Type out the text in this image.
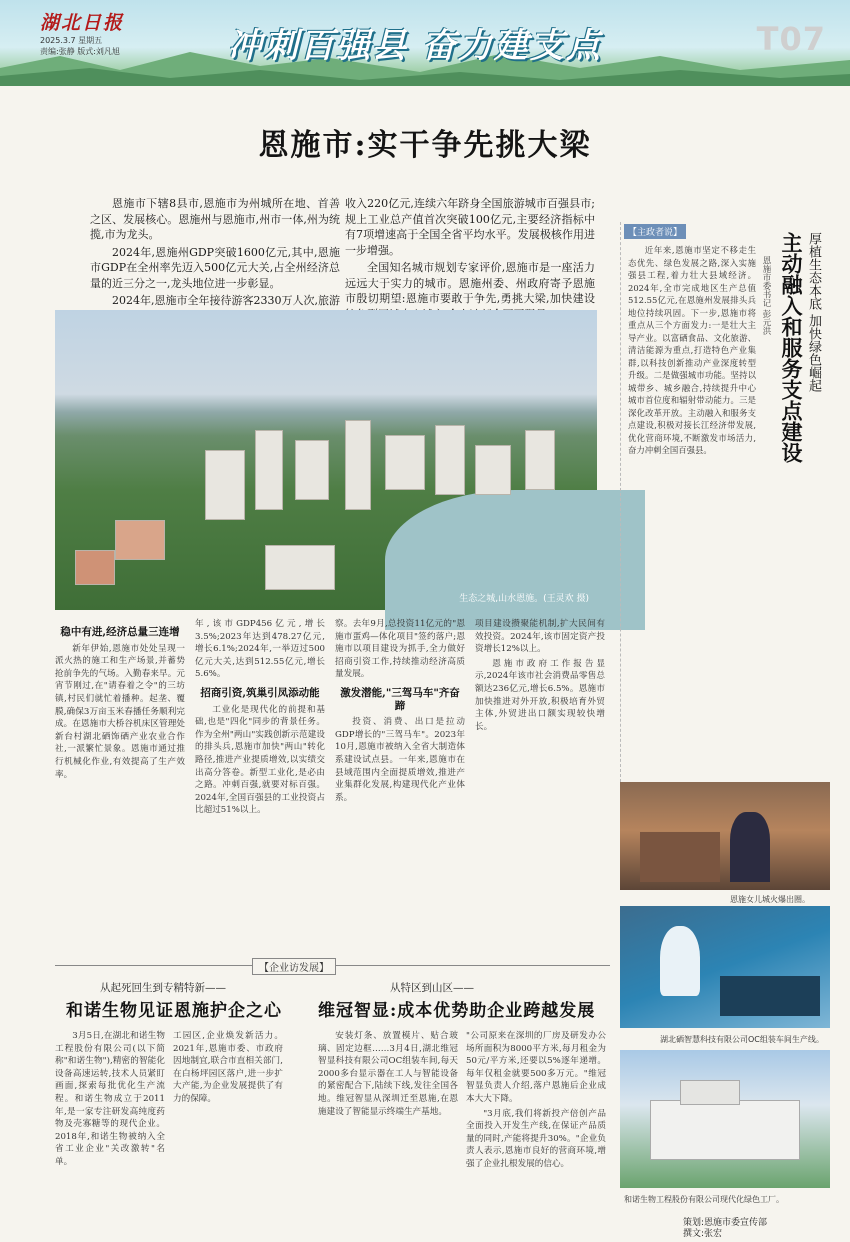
湖北日报
2025.3.7 星期五
责编:张静 版式:刘凡旭	冲刺百强县 奋力建支点	T07
恩施市:实干争先挑大梁

恩施市下辖8县市,恩施市为州城所在地、首善之区、发展核心。恩施州与恩施市,州市一体,州为统揽,市为龙头。

2024年,恩施州GDP突破1600亿元,其中,恩施市GDP在全州率先迈入500亿元大关,占全州经济总量的近三分之一,龙头地位进一步彰显。

2024年,恩施市全年接待游客2330万人次,旅游

收入220亿元,连续六年跻身全国旅游城市百强县市;规上工业总产值首次突破100亿元,主要经济指标中有7项增速高于全国全省平均水平。发展极核作用进一步增强。

全国知名城市规划专家评价,恩施市是一座活力远远大于实力的城市。恩施州委、州政府寄予恩施市殷切期望:恩施市要敢于争先,勇挑大梁,加快建设

生态之城,山水恩施。(王灵欢 摄)
稳中有进,经济总量三连增

新年伊始,恩施市处处呈现一派火热的施工和生产场景,并蓄势抢前争先的气场。入勤春来早。元宵节刚过,在"请春着之令"的三坊镇,村民们就忙着播种。起垄、覆膜,确保3万亩玉米春播任务顺利完成。在恩施市大桥谷机床区管理处新台村湖北硒饰硒产业农业合作社,一派繁忙景象。恩施市通过推行机械化作业,有效提高了生产效率。

年,该市GDP456亿元,增长3.5%;2023年达到478.27亿元,增长6.1%;2024年,一举迈过500亿元大关,达到512.55亿元,增长5.6%。

招商引资,筑巢引凤添动能

工业化是现代化的前提和基础,也是"四化"同步的背景任务。作为全州"两山"实践创新示范建设的排头兵,恩施市加快"两山"转化路径,推进产业提质增效,以实绩交出高分答卷。新型工业化,是必由之路。冲刺百强,就要对标百强。2024年,全国百强县的工业投资占比超过51%以上。

察。去年9月,总投资11亿元的"恩施市蛋鸡—体化项目"签约落户;恩施市以项目建设为抓手,全力做好招商引资工作,持续推动经济高质量发展。

激发潜能,"三驾马车"齐奋蹄

投资、消费、出口是拉动GDP增长的"三驾马车"。2023年10月,恩施市被纳入全省大制造体系建设试点县。一年来,恩施市在县域范围内全面提质增效,推进产业集群化发展,构建现代化产业体系。

项目建设攒聚能机制,扩大民间有效投资。2024年,该市固定资产投资增长12%以上。

恩施市政府工作报告显示,2024年该市社会消费品零售总额达236亿元,增长6.5%。恩施市加快推进对外开放,积极培育外贸主体,外贸进出口额实现较快增长。

【主政者说】	主动融入和服务支点建设 厚植生态本底 加快绿色崛起
恩施市委书记 彭元洪

近年来,恩施市坚定不移走生态优先、绿色发展之路,深入实施强县工程,着力壮大县域经济。2024年,全市完成地区生产总值512.55亿元,在恩施州发展排头兵地位持续巩固。下一步,恩施市将重点从三个方面发力:一是壮大主导产业。以富硒食品、文化旅游、清洁能源为重点,打造特色产业集群,以科技创新推动产业深度转型升级。二是做强城市功能。坚持以城带乡、城乡融合,持续提升中心城市首位度和辐射带动能力。三是深化改革开放。主动融入和服务支点建设,积极对接长江经济带发展,优化营商环境,不断激发市场活力,奋力冲刺全国百强县。

恩施女儿城火爆出圈。
湖北硒智慧科技有限公司OC组装车间生产线。
和诺生物工程股份有限公司现代化绿色工厂。
【企业访发展】
从起死回生到专精特新——
和诺生物见证恩施护企之心

3月5日,在湖北和诺生物工程股份有限公司(以下简称"和诺生物"),精密的智能化设备高速运转,技术人员紧盯画面,探索每批优化生产流程。和诺生物成立于2011年,是一家专注研发高纯度药物及壳寡糖等的现代企业。2018年,和诺生物被纳入全省工业企业"关改激转"名单。

工园区,企业焕发新活力。2021年,恩施市委、市政府因地制宜,联合市直相关部门,在白杨坪园区落户,进一步扩大产能,为企业发展提供了有力的保障。

从特区到山区——
维冠智显:成本优势助企业跨越发展

安装灯条、放置模片、贴合玻璃、固定边框……3月4日,湖北维冠智显科技有限公司OC组装车间,每天2000多台显示器在工人与智能设备的紧密配合下,陆续下线,发往全国各地。维冠智显从深圳迁至恩施,在恩施建设了智能显示终端生产基地。

"公司原来在深圳的厂房及研发办公场所面积为8000平方米,每月租金为50元/平方米,还要以5%逐年递增。每年仅租金就要500多万元。"维冠智显负责人介绍,落户恩施后企业成本大大下降。

"3月底,我们将新投产倍创产品全面投入开发生产线,在保证产品质量的同时,产能将提升30%。"企业负责人表示,恩施市良好的营商环境,增强了企业扎根发展的信心。

策划:恩施市委宣传部
撰文:张宏
